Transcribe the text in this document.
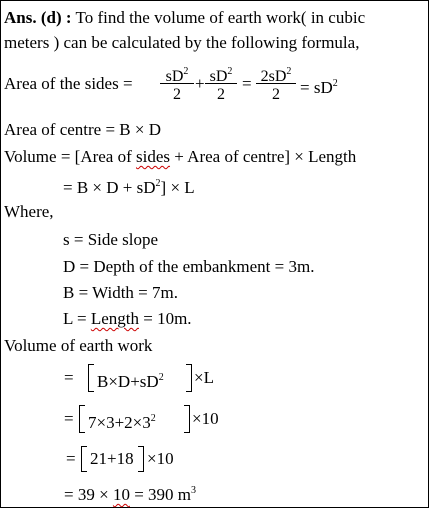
Ans. (d) : To find the volume of earth work( in cubic
meters ) can be calculated by the following formula,
Area of the sides =	$sD^2$
2
+ $sD^2$
2
= $2sD^2$
2	= $sD^2$
Area of centre = B × D
Volume = [Area of sides + Area of centre] × Length
= $B \times D + sD^2] \times L$
Where,
s = Side slope
D = Depth of the embankment = 3m.
B = Width = 7m.
L = Length = 10m.
Volume of earth work
= $B\times D+sD^2 \times L$
= $7\times 3+2\times 3^2 \times 10$
= 21+18 ×10
= 39 × 10 = 390 $m^3$
